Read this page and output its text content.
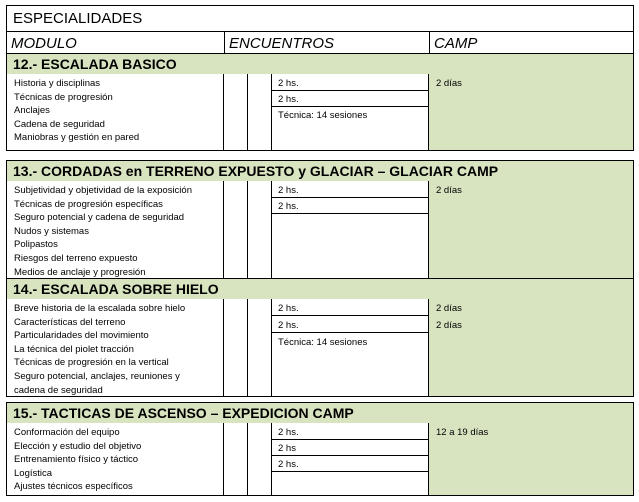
ESPECIALIDADES
MODULO	ENCUENTROS	CAMP
12.- ESCALADA BASICO
Historia y disciplinas
Técnicas de progresión
Anclajes
Cadena de seguridad
Maniobras y gestión en pared
2 hs.
2 hs.
Técnica: 14 sesiones
2 días
13.- CORDADAS en TERRENO EXPUESTO y GLACIAR – GLACIAR CAMP
Subjetividad y objetividad de la exposición
Técnicas de progresión específicas
Seguro potencial y cadena de seguridad
Nudos y sistemas
Polipastos
Riesgos del terreno expuesto
Medios de anclaje y progresión
2 hs.
2 hs.
2 días
14.- ESCALADA SOBRE HIELO
Breve historia de la escalada sobre hielo
Características del terreno
Particularidades del movimiento
La técnica del piolet tracción
Técnicas de progresión en la vertical
Seguro potencial, anclajes, reuniones y
cadena de seguridad
2 hs.
2 hs.
Técnica: 14 sesiones
2 días
2 días
15.- TACTICAS DE ASCENSO – EXPEDICION CAMP
Conformación del equipo
Elección y estudio del objetivo
Entrenamiento físico y táctico
Logística
Ajustes técnicos específicos
2 hs.
2 hs
2 hs.
12 a 19 días
